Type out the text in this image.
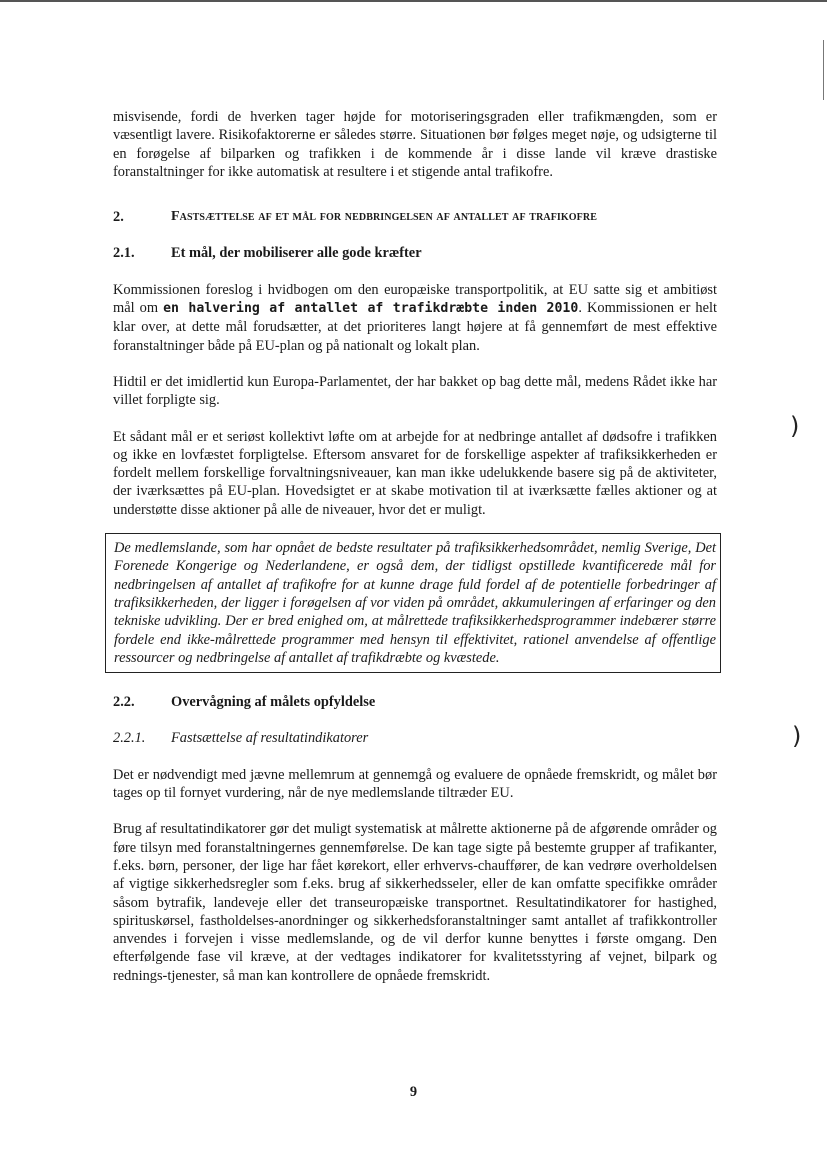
misvisende, fordi de hverken tager højde for motoriseringsgraden eller trafikmængden, som er væsentligt lavere. Risikofaktorerne er således større. Situationen bør følges meget nøje, og udsigterne til en forøgelse af bilparken og trafikken i de kommende år i disse lande vil kræve drastiske foranstaltninger for ikke automatisk at resultere i et stigende antal trafikofre.

2.	Fastsættelse af et mål for nedbringelsen af antallet af trafikofre
2.1.	Et mål, der mobiliserer alle gode kræfter

Kommissionen foreslog i hvidbogen om den europæiske transportpolitik, at EU satte sig et ambitiøst mål om en halvering af antallet af trafikdræbte inden 2010. Kommissionen er helt klar over, at dette mål forudsætter, at det prioriteres langt højere at få gennemført de mest effektive foranstaltninger både på EU-plan og på nationalt og lokalt plan.

Hidtil er det imidlertid kun Europa-Parlamentet, der har bakket op bag dette mål, medens Rådet ikke har villet forpligte sig.

Et sådant mål er et seriøst kollektivt løfte om at arbejde for at nedbringe antallet af dødsofre i trafikken og ikke en lovfæstet forpligtelse. Eftersom ansvaret for de forskellige aspekter af trafiksikkerheden er fordelt mellem forskellige forvaltningsniveauer, kan man ikke udelukkende basere sig på de aktiviteter, der iværksættes på EU-plan. Hovedsigtet er at skabe motivation til at iværksætte fælles aktioner og at understøtte disse aktioner på alle de niveauer, hvor det er muligt.

De medlemslande, som har opnået de bedste resultater på trafiksikkerhedsområdet, nemlig Sverige, Det Forenede Kongerige og Nederlandene, er også dem, der tidligst opstillede kvantificerede mål for nedbringelsen af antallet af trafikofre for at kunne drage fuld fordel af de potentielle forbedringer af trafiksikkerheden, der ligger i forøgelsen af vor viden på området, akkumuleringen af erfaringer og den tekniske udvikling. Der er bred enighed om, at målrettede trafiksikkerhedsprogrammer indebærer større fordele end ikke-målrettede programmer med hensyn til effektivitet, rationel anvendelse af offentlige ressourcer og nedbringelse af antallet af trafikdræbte og kvæstede.

2.2.	Overvågning af målets opfyldelse
2.2.1.	Fastsættelse af resultatindikatorer

Det er nødvendigt med jævne mellemrum at gennemgå og evaluere de opnåede fremskridt, og målet bør tages op til fornyet vurdering, når de nye medlemslande tiltræder EU.

Brug af resultatindikatorer gør det muligt systematisk at målrette aktionerne på de afgørende områder og føre tilsyn med foranstaltningernes gennemførelse. De kan tage sigte på bestemte grupper af trafikanter, f.eks. børn, personer, der lige har fået kørekort, eller erhvervs-chauffører, de kan vedrøre overholdelsen af vigtige sikkerhedsregler som f.eks. brug af sikkerhedsseler, eller de kan omfatte specifikke områder såsom bytrafik, landeveje eller det transeuropæiske transportnet. Resultatindikatorer for hastighed, spirituskørsel, fastholdelses-anordninger og sikkerhedsforanstaltninger samt antallet af trafikkontroller anvendes i forvejen i visse medlemslande, og de vil derfor kunne benyttes i første omgang. Den efterfølgende fase vil kræve, at der vedtages indikatorer for kvalitetsstyring af vejnet, bilpark og rednings-tjenester, så man kan kontrollere de opnåede fremskridt.

)
)
9
